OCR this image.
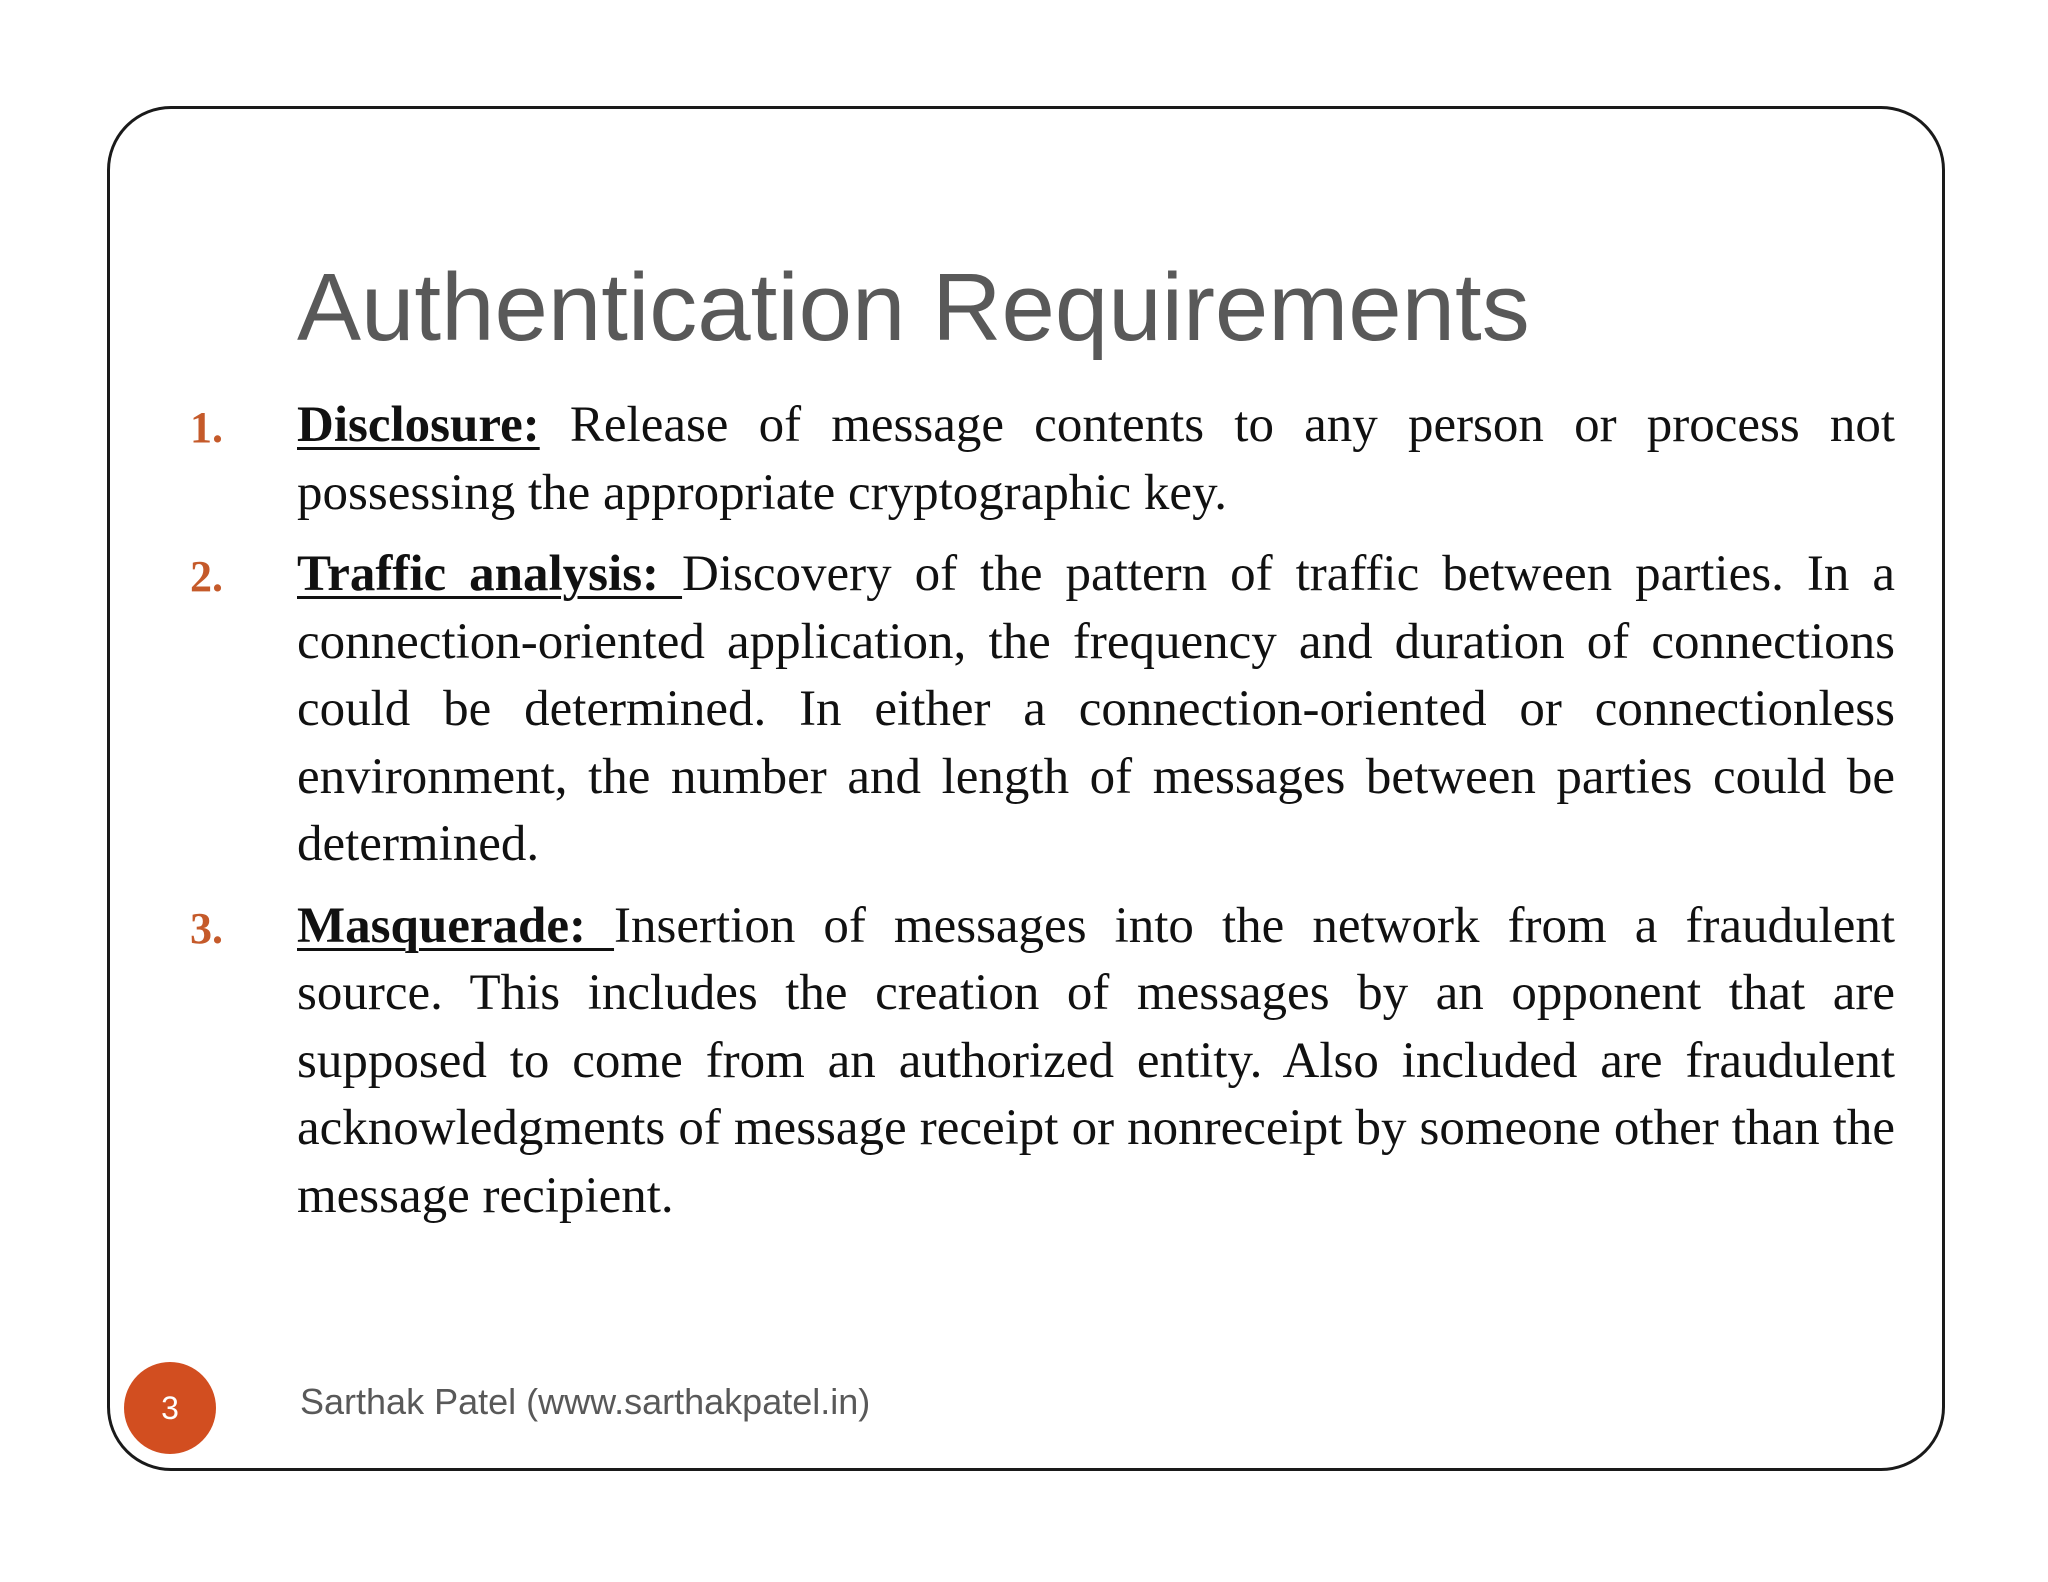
Authentication Requirements
1. Disclosure: Release of message contents to any person or process not possessing the appropriate cryptographic key.
2. Traffic analysis: Discovery of the pattern of traffic between parties. In a connection-oriented application, the frequency and duration of connections could be determined. In either a connection-oriented or connectionless environment, the number and length of messages between parties could be determined.
3. Masquerade: Insertion of messages into the network from a fraudulent source. This includes the creation of messages by an opponent that are supposed to come from an authorized entity. Also included are fraudulent acknowledgments of message receipt or nonreceipt by someone other than the message recipient.
3	Sarthak Patel (www.sarthakpatel.in)
